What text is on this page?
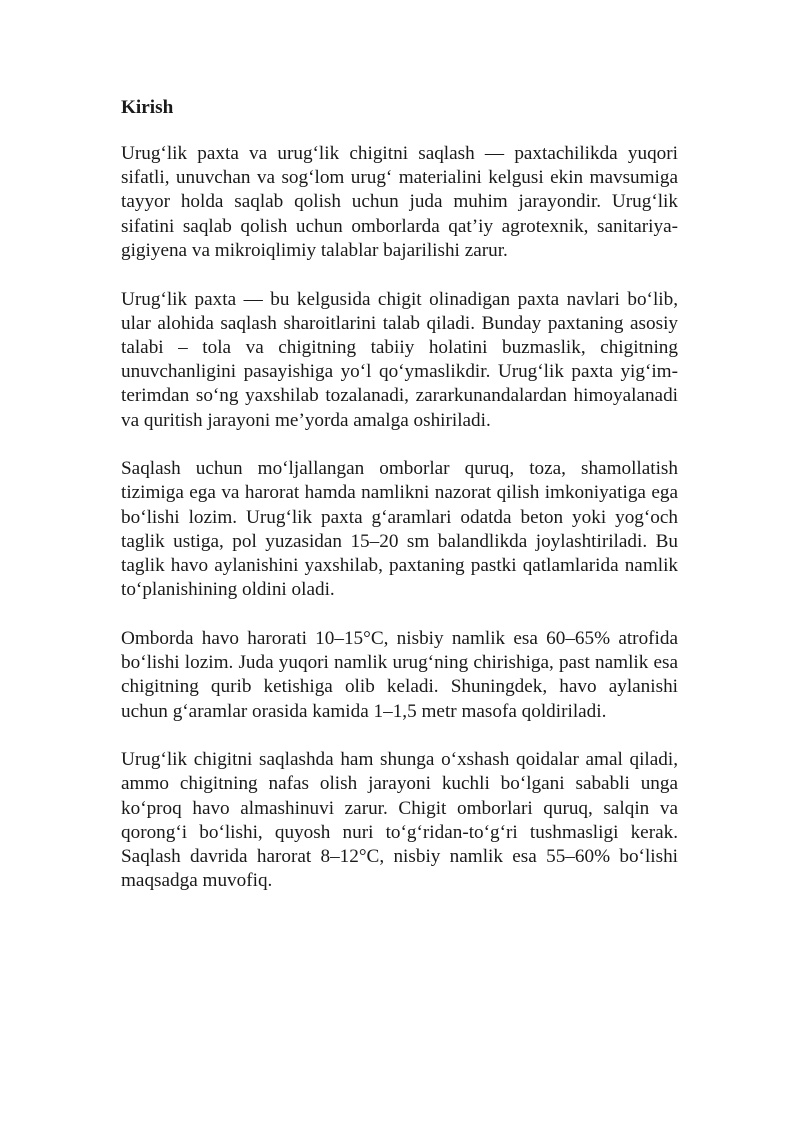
Kirish

Urug‘lik paxta va urug‘lik chigitni saqlash — paxtachilikda yuqori sifatli, unuvchan va sog‘lom urug‘ materialini kelgusi ekin mavsumiga tayyor holda saqlab qolish uchun juda muhim jarayondir. Urug‘lik sifatini saqlab qolish uchun omborlarda qat’iy agrotexnik, sanitariya-gigiyena va mikroiqlimiy talablar bajarilishi zarur.

Urug‘lik paxta — bu kelgusida chigit olinadigan paxta navlari bo‘lib, ular alohida saqlash sharoitlarini talab qiladi. Bunday paxtaning asosiy talabi – tola va chigitning tabiiy holatini buzmaslik, chigitning unuvchanligini pasayishiga yo‘l qo‘ymaslikdir. Urug‘lik paxta yig‘im-terimdan so‘ng yaxshilab tozalanadi, zararkunandalardan himoyalanadi va quritish jarayoni me’yorda amalga oshiriladi.

Saqlash uchun mo‘ljallangan omborlar quruq, toza, shamollatish tizimiga ega va harorat hamda namlikni nazorat qilish imkoniyatiga ega bo‘lishi lozim. Urug‘lik paxta g‘aramlari odatda beton yoki yog‘och taglik ustiga, pol yuzasidan 15–20 sm balandlikda joylashtiriladi. Bu taglik havo aylanishini yaxshilab, paxtaning pastki qatlamlarida namlik to‘planishining oldini oladi.

Omborda havo harorati 10–15°C, nisbiy namlik esa 60–65% atrofida bo‘lishi lozim. Juda yuqori namlik urug‘ning chirishiga, past namlik esa chigitning qurib ketishiga olib keladi. Shuningdek, havo aylanishi uchun g‘aramlar orasida kamida 1–1,5 metr masofa qoldiriladi.

Urug‘lik chigitni saqlashda ham shunga o‘xshash qoidalar amal qiladi, ammo chigitning nafas olish jarayoni kuchli bo‘lgani sababli unga ko‘proq havo almashinuvi zarur. Chigit omborlari quruq, salqin va qorong‘i bo‘lishi, quyosh nuri to‘g‘ridan-to‘g‘ri tushmasligi kerak. Saqlash davrida harorat 8–12°C, nisbiy namlik esa 55–60% bo‘lishi maqsadga muvofiq.
